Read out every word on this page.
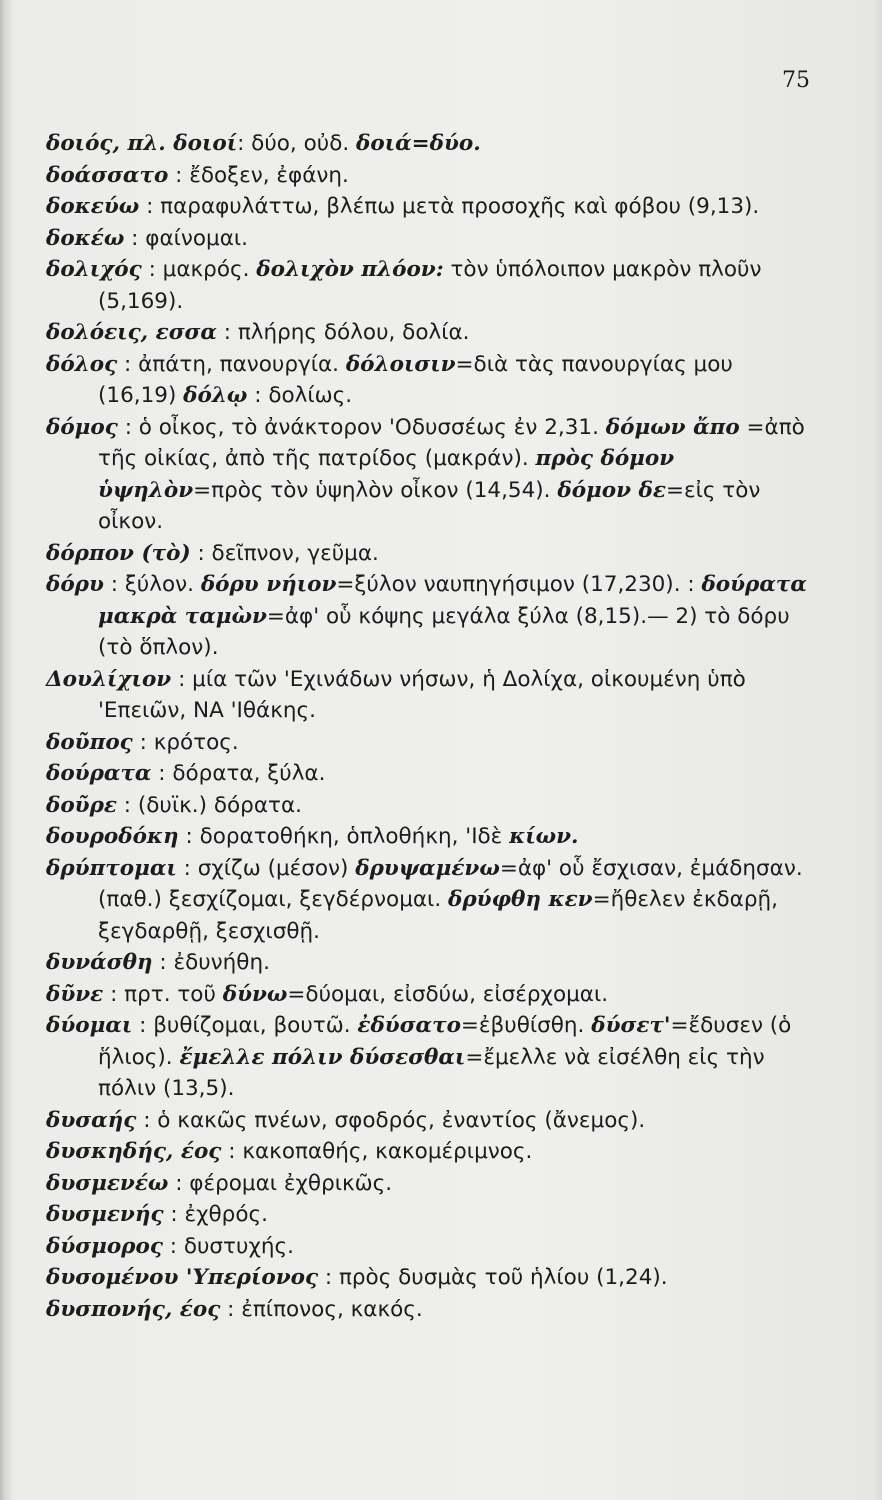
75

δοιός, πλ. δοιοί: δύο, οὐδ. δοιά=δύο.

δοάσσατο : ἔδοξεν, ἐφάνη.

δοκεύω : παραφυλάττω, βλέπω μετὰ προσοχῆς καὶ φόβου (9,13).

δοκέω : φαίνομαι.

δολιχός : μακρός. δολιχὸν πλόον: τὸν ὑπόλοιπον μακρὸν πλοῦν (5,169).

δολόεις, εσσα : πλήρης δόλου, δολία.

δόλος : ἀπάτη, πανουργία. δόλοισιν=διὰ τὰς πανουργίας μου (16,19) δόλῳ : δολίως.

δόμος : ὁ οἶκος, τὸ ἀνάκτορον 'Οδυσσέως ἐν 2,31. δόμων ἄπο =ἀπὸ τῆς οἰκίας, ἀπὸ τῆς πατρίδος (μακράν). πρὸς δόμον ὑψηλὸν=πρὸς τὸν ὑψηλὸν οἶκον (14,54). δόμον δε=εἰς τὸν οἶκον.

δόρπον (τὸ) : δεῖπνον, γεῦμα.

δόρυ : ξύλον. δόρυ νήιον=ξύλον ναυπηγήσιμον (17,230). : δούρατα μακρὰ ταμὼν=ἀφ' οὗ κόψης μεγάλα ξύλα (8,15).— 2) τὸ δόρυ (τὸ ὅπλον).

Δουλίχιον : μία τῶν 'Εχινάδων νήσων, ἡ Δολίχα, οἰκουμένη ὑπὸ 'Επειῶν, ΝΑ 'Ιθάκης.

δοῦπος : κρότος.

δούρατα : δόρατα, ξύλα.

δοῦρε : (δυϊκ.) δόρατα.

δουροδόκη : δορατοθήκη, ὁπλοθήκη, 'Ιδὲ κίων.

δρύπτομαι : σχίζω (μέσον) δρυψαμένω=ἀφ' οὗ ἔσχισαν, ἐμάδησαν. (παθ.) ξεσχίζομαι, ξεγδέρνομαι. δρύφθη κεν=ἤθελεν ἐκδαρῇ, ξεγδαρθῇ, ξεσχισθῇ.

δυνάσθη : ἐδυνήθη.

δῦνε : πρτ. τοῦ δύνω=δύομαι, εἰσδύω, εἰσέρχομαι.

δύομαι : βυθίζομαι, βουτῶ. ἐδύσατο=ἐβυθίσθη. δύσετ'=ἔδυσεν (ὁ ἥλιος). ἔμελλε πόλιν δύσεσθαι=ἔμελλε νὰ εἰσέλθη εἰς τὴν πόλιν (13,5).

δυσαής : ὁ κακῶς πνέων, σφοδρός, ἐναντίος (ἄνεμος).

δυσκηδής, έος : κακοπαθής, κακομέριμνος.

δυσμενέω : φέρομαι ἐχθρικῶς.

δυσμενής : ἐχθρός.

δύσμορος : δυστυχής.

δυσομένου 'Υπερίονος : πρὸς δυσμὰς τοῦ ἡλίου (1,24).

δυσπονής, έος : ἐπίπονος, κακός.
